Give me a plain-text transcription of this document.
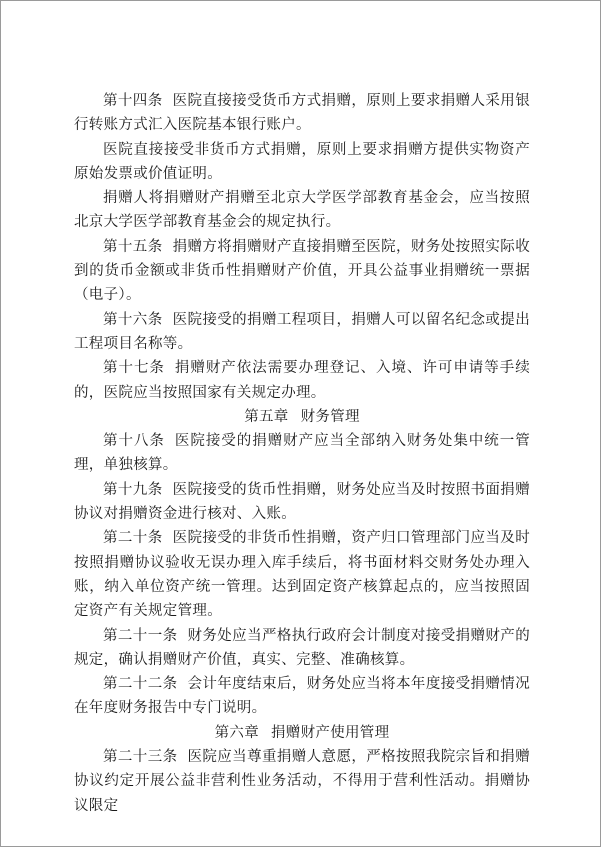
第十四条 医院直接接受货币方式捐赠，原则上要求捐赠人采用银行转账方式汇入医院基本银行账户。

医院直接接受非货币方式捐赠，原则上要求捐赠方提供实物资产原始发票或价值证明。

捐赠人将捐赠财产捐赠至北京大学医学部教育基金会，应当按照北京大学医学部教育基金会的规定执行。

第十五条 捐赠方将捐赠财产直接捐赠至医院，财务处按照实际收到的货币金额或非货币性捐赠财产价值，开具公益事业捐赠统一票据（电子）。

第十六条 医院接受的捐赠工程项目，捐赠人可以留名纪念或提出工程项目名称等。

第十七条 捐赠财产依法需要办理登记、入境、许可申请等手续的，医院应当按照国家有关规定办理。

第五章 财务管理

第十八条 医院接受的捐赠财产应当全部纳入财务处集中统一管理，单独核算。

第十九条 医院接受的货币性捐赠，财务处应当及时按照书面捐赠协议对捐赠资金进行核对、入账。

第二十条 医院接受的非货币性捐赠，资产归口管理部门应当及时按照捐赠协议验收无误办理入库手续后，将书面材料交财务处办理入账，纳入单位资产统一管理。达到固定资产核算起点的，应当按照固定资产有关规定管理。

第二十一条 财务处应当严格执行政府会计制度对接受捐赠财产的规定，确认捐赠财产价值，真实、完整、准确核算。

第二十二条 会计年度结束后，财务处应当将本年度接受捐赠情况在年度财务报告中专门说明。

第六章 捐赠财产使用管理

第二十三条 医院应当尊重捐赠人意愿，严格按照我院宗旨和捐赠协议约定开展公益非营利性业务活动，不得用于营利性活动。捐赠协议限定
